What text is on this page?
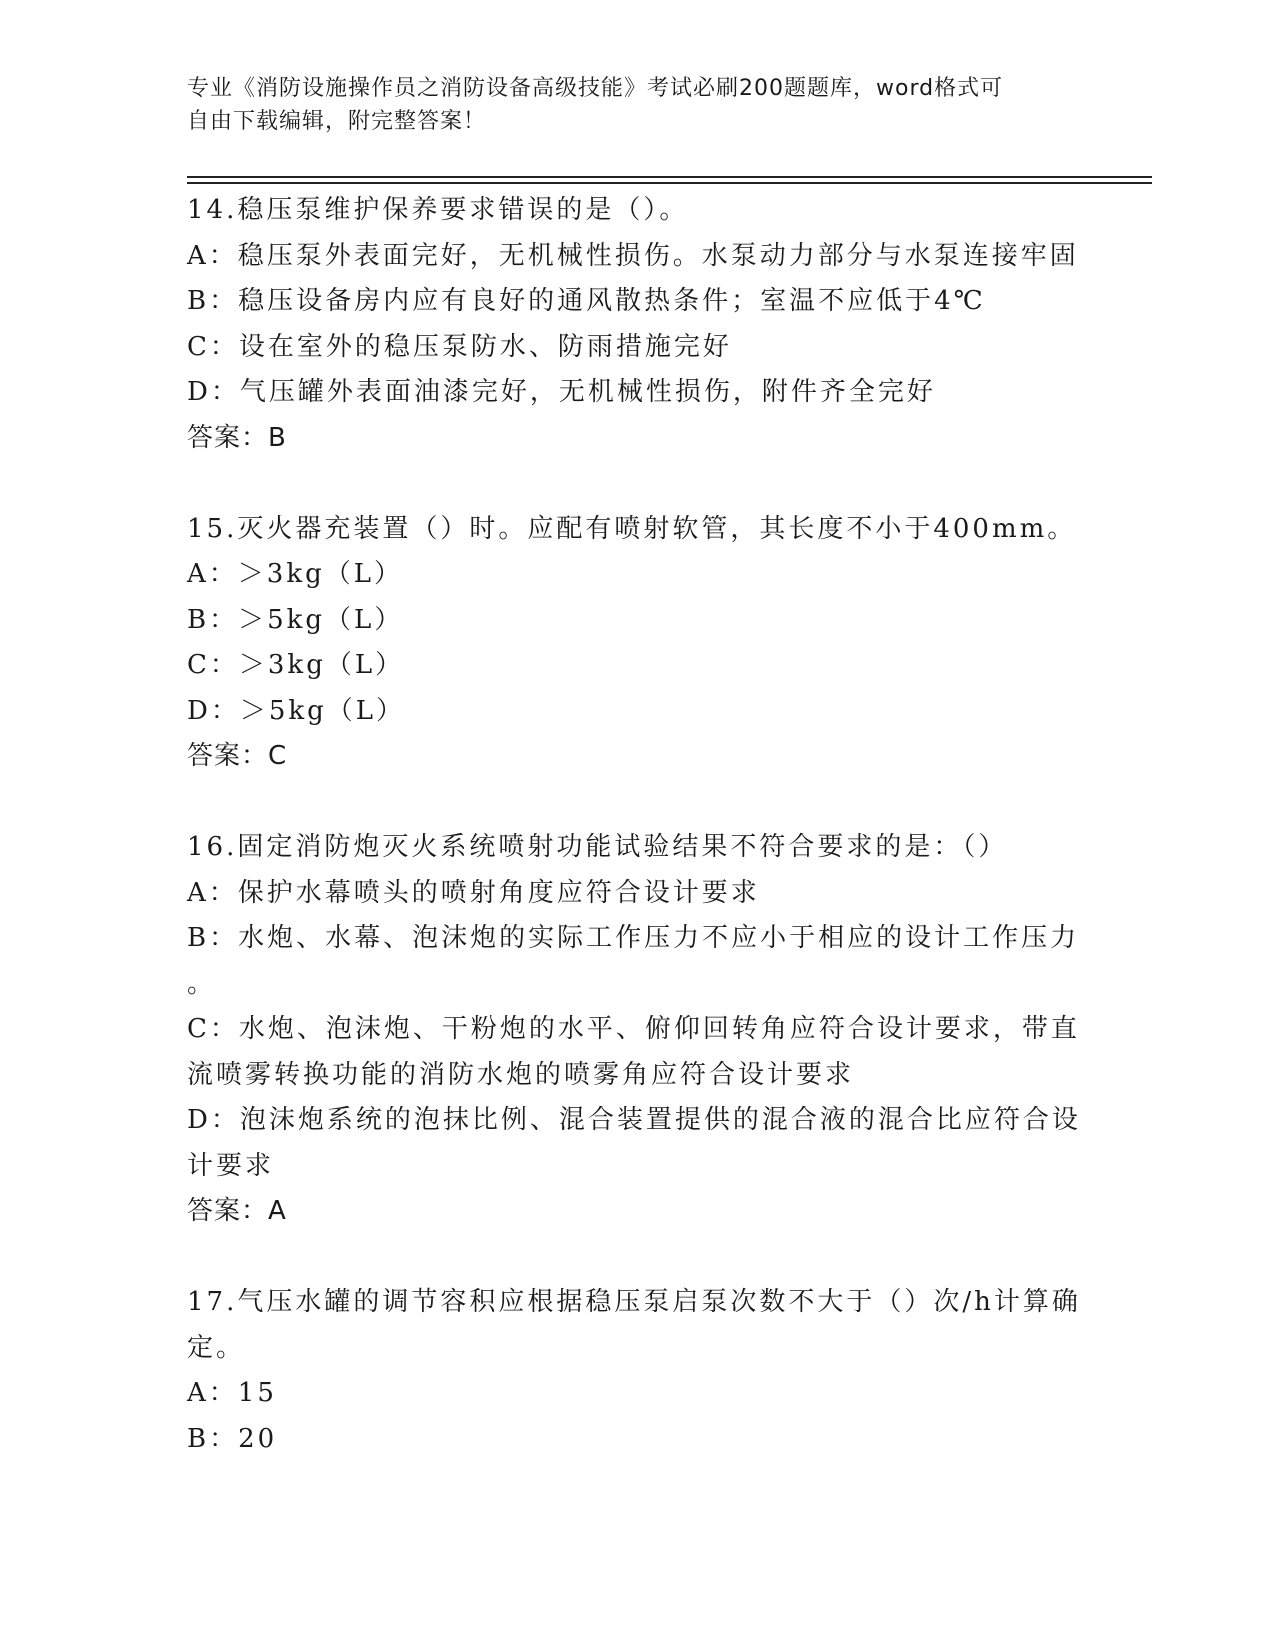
专业《消防设施操作员之消防设备高级技能》考试必刷200题题库，word格式可
自由下载编辑，附完整答案！
14.稳压泵维护保养要求错误的是（）。
A：稳压泵外表面完好，无机械性损伤。水泵动力部分与水泵连接牢固
B：稳压设备房内应有良好的通风散热条件；室温不应低于4℃
C：设在室外的稳压泵防水、防雨措施完好
D：气压罐外表面油漆完好，无机械性损伤，附件齐全完好
答案：B
15.灭火器充装置（）时。应配有喷射软管，其长度不小于400mm。
A：＞3kg（L）
B：＞5kg（L）
C：＞3kg（L）
D：＞5kg（L）
答案：C
16.固定消防炮灭火系统喷射功能试验结果不符合要求的是：（）
A：保护水幕喷头的喷射角度应符合设计要求
B：水炮、水幕、泡沫炮的实际工作压力不应小于相应的设计工作压力
。
C：水炮、泡沫炮、干粉炮的水平、俯仰回转角应符合设计要求，带直
流喷雾转换功能的消防水炮的喷雾角应符合设计要求
D：泡沫炮系统的泡抹比例、混合装置提供的混合液的混合比应符合设
计要求
答案：A
17.气压水罐的调节容积应根据稳压泵启泵次数不大于（）次/h计算确
定。
A：15
B：20
